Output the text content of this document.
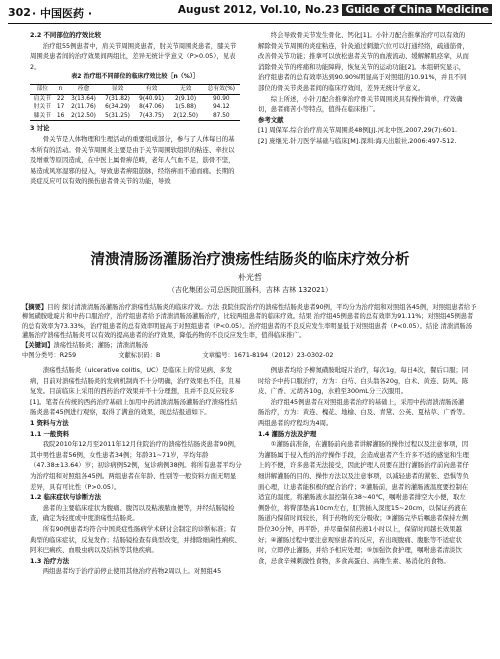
302 · 中国医药 ·	August 2012, Vol.10, No.23 Guide of China Medicine

2.2 不同部位的疗效比较

治疗组55例患者中，肩关节周围炎患者，肘关节周围炎患者，膝关节周围炎患者间的治疗效果间两组比，差异无统计学意义（P>0.05），见表2。

表2 治疗组不同部位的临床疗效比较［n（%）］
部位	n	痊愈	显效	有效	无效	总有效(%)
肩关节	22	3(13.64)	7(31.82)	9(40.91)	2(9.10)	90.90
肘关节	17	2(11.76)	6(34.29)	8(47.06)	1(5.88)	94.12
膝关节	16	2(12.50)	5(31.25)	7(43.75)	2(12.50)	87.50

3 讨论

骨关节是人体物理和生理活动的重要组成部分，参与了人体每日的基本所有的活动。骨关节周围炎主要是由于关节周围软组织的粘连、牵拉以及增重等原因造成，在中医上属骨痹范畴，老年人气血不足，筋骨不坚，易造成风寒湿邪的侵入，导致患者痹阻筋脉，经络痹而不通而痛。长期的炎症反应可以有效的损伤患者骨关节的功能，导致

终会导致骨关节发生骨化、钙化[1]。小针刀配合推拿治疗可以有效的解除骨关节周围的炎症粘连，针灸通过刺激穴位可以打通经络，疏通筋骨，改善骨关节功能；推拿可以放松患者关节的血液流动、缓解解肌痉挛，从而消除骨关节的疼痛和功能障碍，恢复关节的运动功能[2]。本组研究显示，治疗组患者的总有效率达到90.90%明显高于对照组的10.91%，并且不同部位的骨关节炎患者间的临床疗效间，差异无统计学意义。

综上所述，小针刀配合推拿治疗骨关节周围炎具有操作简单，疗效确切，患者痛苦小等特点，值得在临床推广。

参考文献

[1] 周保军.综合治疗肩关节周围炎48例[J].河北中医,2007,29(7):601.

[2] 庞继光.针刀医学基础与临床[M].深圳:海天出版社,2006:497-512.

清溃清肠汤灌肠治疗溃疡性结肠炎的临床疗效分析
朴光哲
（吉化集团公司总医院肛肠科，吉林 吉林 132021）
【摘要】目的 探讨清溃清肠汤灌肠治疗溃疡性结肠炎的临床疗效。方法 我院住院治疗的溃疡性结肠炎患者90例，平均分为治疗组和对照组各45例，对照组患者给予柳氮磺胺吡啶片和中药口服治疗，治疗组患者给予清溃清肠汤灌肠治疗，比较两组患者的临床疗效。结果 治疗组45例患者的总有效率为91.11%；对照组45例患者的总有效率为73.33%，治疗组患者的总有效率明显高于对照组患者（P<0.05）。治疗组患者的不良反应发生率明显低于对照组患者（P<0.05）。结论 清溃清肠汤灌肠治疗溃疡性结肠炎可以有效的提高患者的治疗效果，降低药物的不良反应发生率，值得临床推广。
【关键词】溃疡性结肠炎；灌肠；清溃清肠汤
中图分类号：R259	文献标识码：B	文章编号：1671-8194（2012）23-0302-02

溃疡性结肠炎（ulcerative colitis，UC）是临床上的常见病、多发病，目前对溃疡性结肠炎的发病机制尚不十分明确，治疗效果也不佳，且易复发。目前临床上采用的西药治疗效果并不十分理想，且并不良反应较多[1]。笔者在传统的西药治疗基础上加用中药清溃清肠汤灌肠治疗溃疡性结肠炎患者45例进行观察，取得了满意的效果，现总结报道如下。

1 资料与方法

1.1 一般资料

我院2010年12月至2011年12月住院治疗的溃疡性结肠炎患者90例，其中男性患者56例，女性患者34例；年龄31~71岁，平均年龄（47.38±13.64）岁；初诊病例52例，复诊病例38例。将所有患者平均分为治疗组和对照组各45例。两组患者在年龄、性别等一般资料方面无明显差异，具有可比性（P>0.05）。

1.2 临床症状与诊断方法

患者的主要临床症状为腹痛、腹泻以及粘液脓血便等，并经结肠镜检查，确定为轻度或中度溃疡性结肠炎。

所有90例患者均符合中国炎症性肠病学术研讨会制定的诊断标准；有典型的临床症状，反复发作；结肠镜检查有典型改变，并排除细菌性痢疾、阿米巴痢疾、血吸虫病以及结核等其他疾病。

1.3 治疗方法

两组患者均于治疗前停止使用其他治疗药物2周以上。对照组45

例患者均给予柳氮磺胺吡啶片治疗，每次1g，每日4次，餐后口服；同时给予中药口服治疗，方为：白芍、白头翁各20g，白术、黄连、防风、陈皮、广香、元胡各10g，水煎至300mL分三次服用。

治疗组45例患者在对照组患者治疗的基础上，采用中药清溃清肠汤灌肠治疗，方为：黄连、槐花、地榆、白及、青黛、公英、夏枯草、广香等。两组患者的疗程均为4周。

1.4 灌肠方法及护理

①灌肠前准备，在灌肠前向患者讲解灌肠的操作过程以及注意事项，因为灌肠属于侵入性的治疗操作手段，会造成患者产生许多不适的感觉和生理上的不便，许多患者无法接受，因此护理人员要在进行灌肠治疗前向患者仔细讲解灌肠的目的、操作方法以及注意事项，以减轻患者的紧张、恐惧等负面心理，让患者能积极的配合治疗；②灌肠前，患者的灌肠液温度要控制在适宜的温度，将灌肠液水温控制在38~40℃，嘱咐患者排空大小便，取左侧卧位，将臀部垫高10cm左右，肛管插入深度15~20cm，以保证药液在肠道内保留时间较长，利于药物的充分吸收；③灌肠完毕后嘱患者保持左侧卧位30分钟，再平卧，并尽量保留药液1小时以上，保留时间越长效果越好；④灌肠过程中要注意观察患者的反应，若出现腹痛、腹胀等不适症状时，立即停止灌肠，并给予相应处理；⑤加强饮食护理，嘱咐患者清淡饮食，忌食辛辣刺激性食物，多食高蛋白、高维生素、易消化的食物。
